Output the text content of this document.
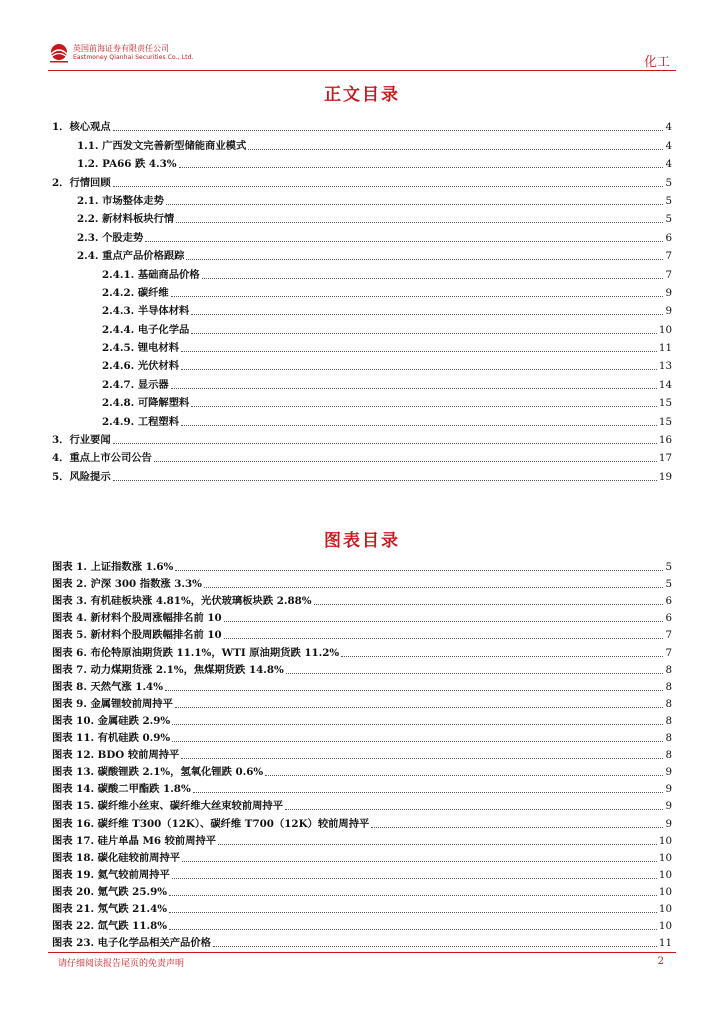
英国前海证券有限责任公司
Eastmoney Qianhai Securities Co., Ltd.	化工
正文目录
1．核心观点	4
1.1. 广西发文完善新型储能商业模式	4
1.2. PA66 跌 4.3%	4
2．行情回顾	5
2.1. 市场整体走势	5
2.2. 新材料板块行情	5
2.3. 个股走势	6
2.4. 重点产品价格跟踪	7
2.4.1. 基础商品价格	7
2.4.2. 碳纤维	9
2.4.3. 半导体材料	9
2.4.4. 电子化学品	10
2.4.5. 锂电材料	11
2.4.6. 光伏材料	13
2.4.7. 显示器	14
2.4.8. 可降解塑料	15
2.4.9. 工程塑料	15
3．行业要闻	16
4．重点上市公司公告	17
5．风险提示	19
图表目录
图表 1. 上证指数涨 1.6%	5
图表 2. 沪深 300 指数涨 3.3%	5
图表 3. 有机硅板块涨 4.81%，光伏玻璃板块跌 2.88%	6
图表 4. 新材料个股周涨幅排名前 10	6
图表 5. 新材料个股周跌幅排名前 10	7
图表 6. 布伦特原油期货跌 11.1%，WTI 原油期货跌 11.2%	7
图表 7. 动力煤期货涨 2.1%，焦煤期货跌 14.8%	8
图表 8. 天然气涨 1.4%	8
图表 9. 金属锂较前周持平	8
图表 10. 金属硅跌 2.9%	8
图表 11. 有机硅跌 0.9%	8
图表 12. BDO 较前周持平	8
图表 13. 碳酸锂跌 2.1%，氢氧化锂跌 0.6%	9
图表 14. 碳酸二甲酯跌 1.8%	9
图表 15. 碳纤维小丝束、碳纤维大丝束较前周持平	9
图表 16. 碳纤维 T300（12K）、碳纤维 T700（12K）较前周持平	9
图表 17. 硅片单晶 M6 较前周持平	10
图表 18. 碳化硅较前周持平	10
图表 19. 氦气较前周持平	10
图表 20. 氪气跌 25.9%	10
图表 21. 氖气跌 21.4%	10
图表 22. 氙气跌 11.8%	10
图表 23. 电子化学品相关产品价格	11
请仔细阅读报告尾页的免责声明	2
